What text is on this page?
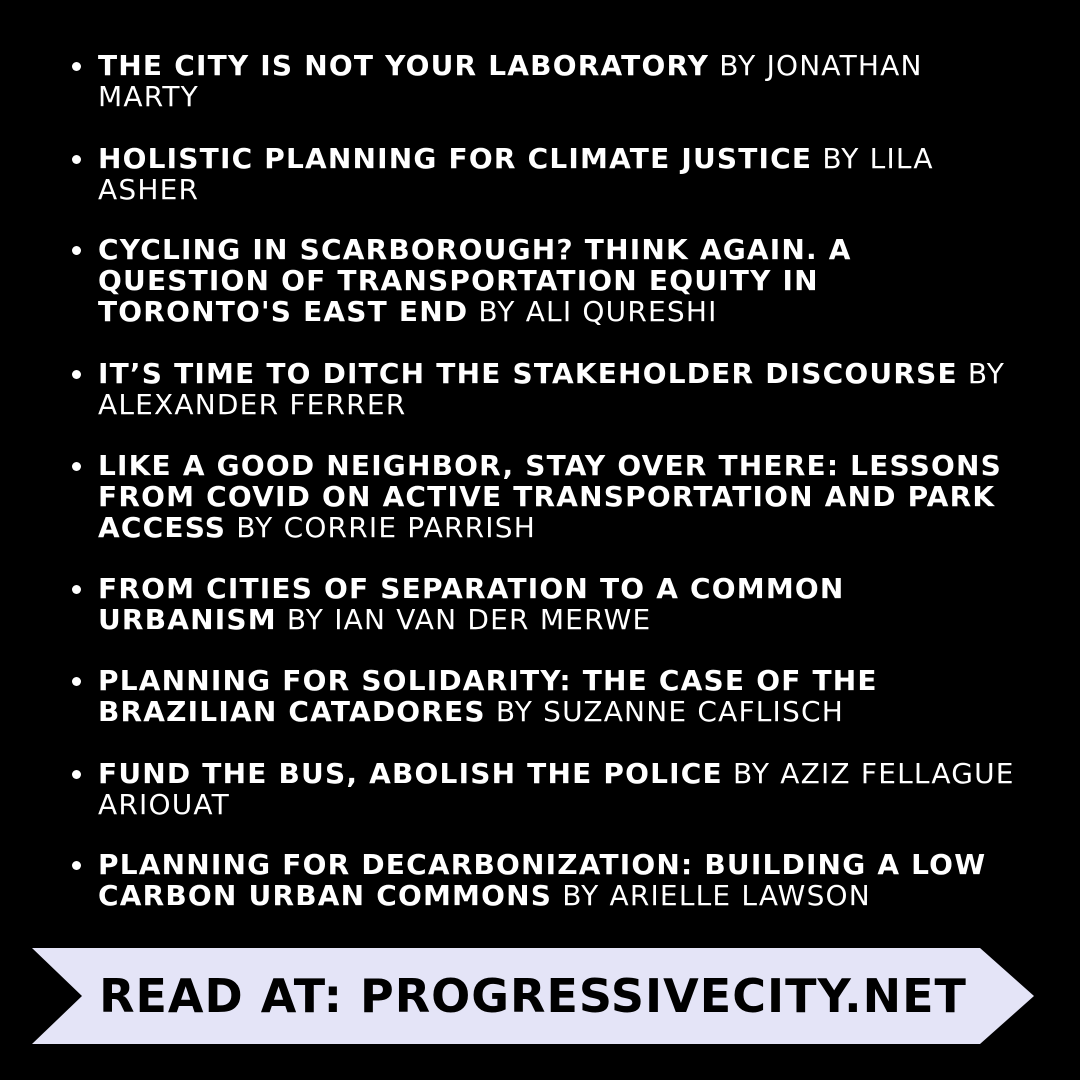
THE CITY IS NOT YOUR LABORATORY BY JONATHAN MARTY
HOLISTIC PLANNING FOR CLIMATE JUSTICE BY LILA ASHER
CYCLING IN SCARBOROUGH? THINK AGAIN. A QUESTION OF TRANSPORTATION EQUITY IN TORONTO'S EAST END BY ALI QURESHI
IT’S TIME TO DITCH THE STAKEHOLDER DISCOURSE BY ALEXANDER FERRER
LIKE A GOOD NEIGHBOR, STAY OVER THERE: LESSONS FROM COVID ON ACTIVE TRANSPORTATION AND PARK ACCESS BY CORRIE PARRISH
FROM CITIES OF SEPARATION TO A COMMON URBANISM BY IAN VAN DER MERWE
PLANNING FOR SOLIDARITY: THE CASE OF THE BRAZILIAN CATADORES BY SUZANNE CAFLISCH
FUND THE BUS, ABOLISH THE POLICE BY AZIZ FELLAGUE ARIOUAT
PLANNING FOR DECARBONIZATION: BUILDING A LOW CARBON URBAN COMMONS BY ARIELLE LAWSON
READ AT: PROGRESSIVECITY.NET
